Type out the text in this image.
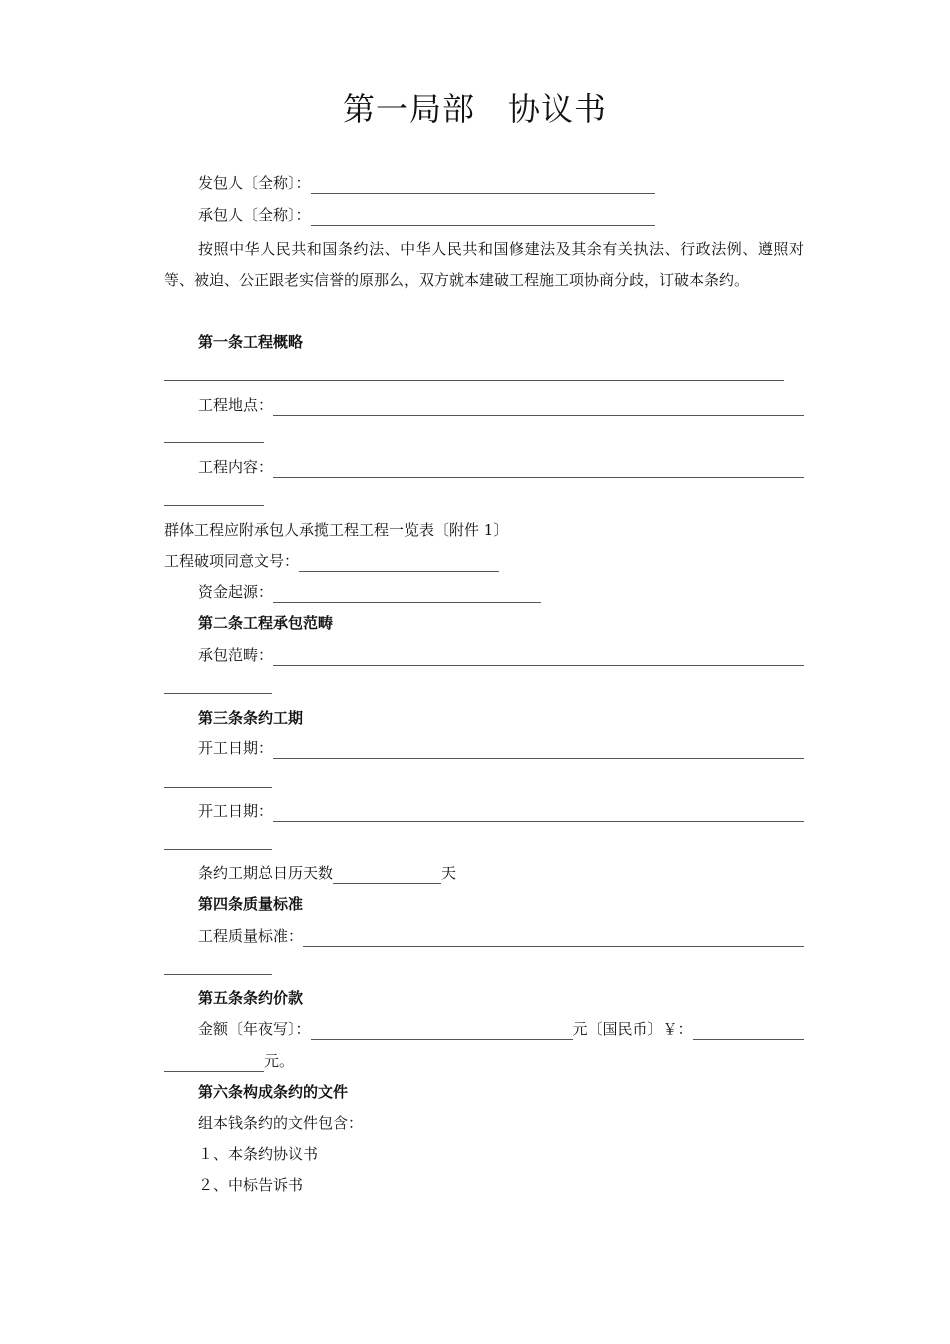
第一局部　协议书
发包人〔全称〕：
承包人〔全称〕：
按照中华人民共和国条约法、中华人民共和国修建法及其余有关执法、行政法例、遵照对等、被迫、公正跟老实信誉的原那么，双方就本建破工程施工项协商分歧，订破本条约。
第一条工程概略
工程地点：
工程内容：
群体工程应附承包人承揽工程工程一览表〔附件 1〕
工程破项同意文号：
资金起源：
第二条工程承包范畴
承包范畴：
第三条条约工期
开工日期：
开工日期：
条约工期总日历天数	天
第四条质量标准
工程质量标准：
第五条条约价款
金额〔年夜写〕：	元〔国民币〕￥：
元。
第六条构成条约的文件
组本钱条约的文件包含：
１、本条约协议书
２、中标告诉书
